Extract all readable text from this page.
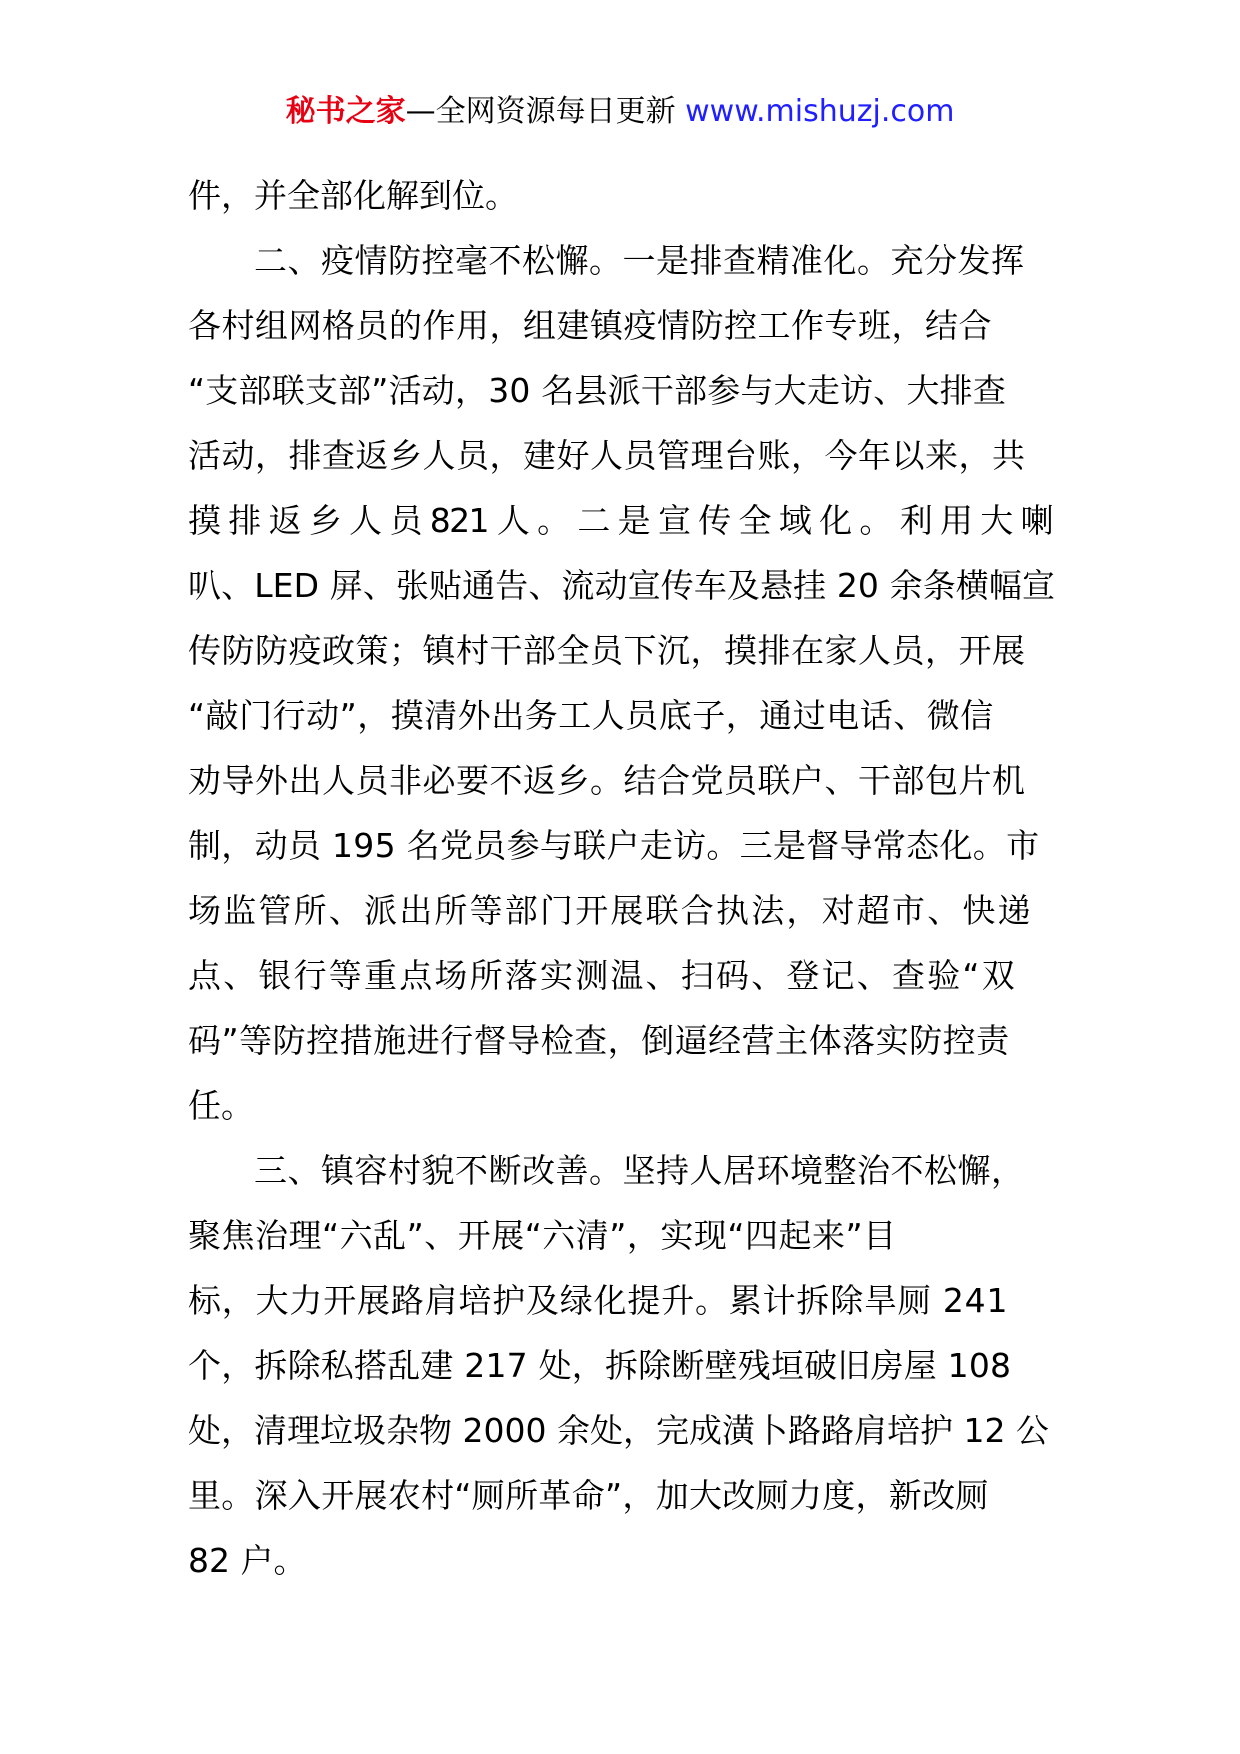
秘书之家—全网资源每日更新 www.mishuzj.com
件，并全部化解到位。
二、疫情防控毫不松懈。一是排查精准化。充分发挥
各村组网格员的作用，组建镇疫情防控工作专班，结合
“支部联支部”活动，30 名县派干部参与大走访、大排查
活动，排查返乡人员，建好人员管理台账，今年以来，共
摸 排 返 乡 人 员 821 人 。 二 是 宣 传 全 域 化 。 利 用 大 喇
叭、LED 屏、张贴通告、流动宣传车及悬挂 20 余条横幅宣
传防防疫政策；镇村干部全员下沉，摸排在家人员，开展
“敲门行动”，摸清外出务工人员底子，通过电话、微信
劝导外出人员非必要不返乡。结合党员联户、干部包片机
制，动员 195 名党员参与联户走访。三是督导常态化。市
场监管所、派出所等部门开展联合执法，对超市、快递
点、银行等重点场所落实测温、扫码、登记、查验“双
码”等防控措施进行督导检查，倒逼经营主体落实防控责
任。
三、镇容村貌不断改善。坚持人居环境整治不松懈，
聚焦治理“六乱”、开展“六清”，实现“四起来”目
标，大力开展路肩培护及绿化提升。累计拆除旱厕 241
个，拆除私搭乱建 217 处，拆除断壁残垣破旧房屋 108
处，清理垃圾杂物 2000 余处，完成潢卜路路肩培护 12 公
里。深入开展农村“厕所革命”，加大改厕力度，新改厕
82 户。
